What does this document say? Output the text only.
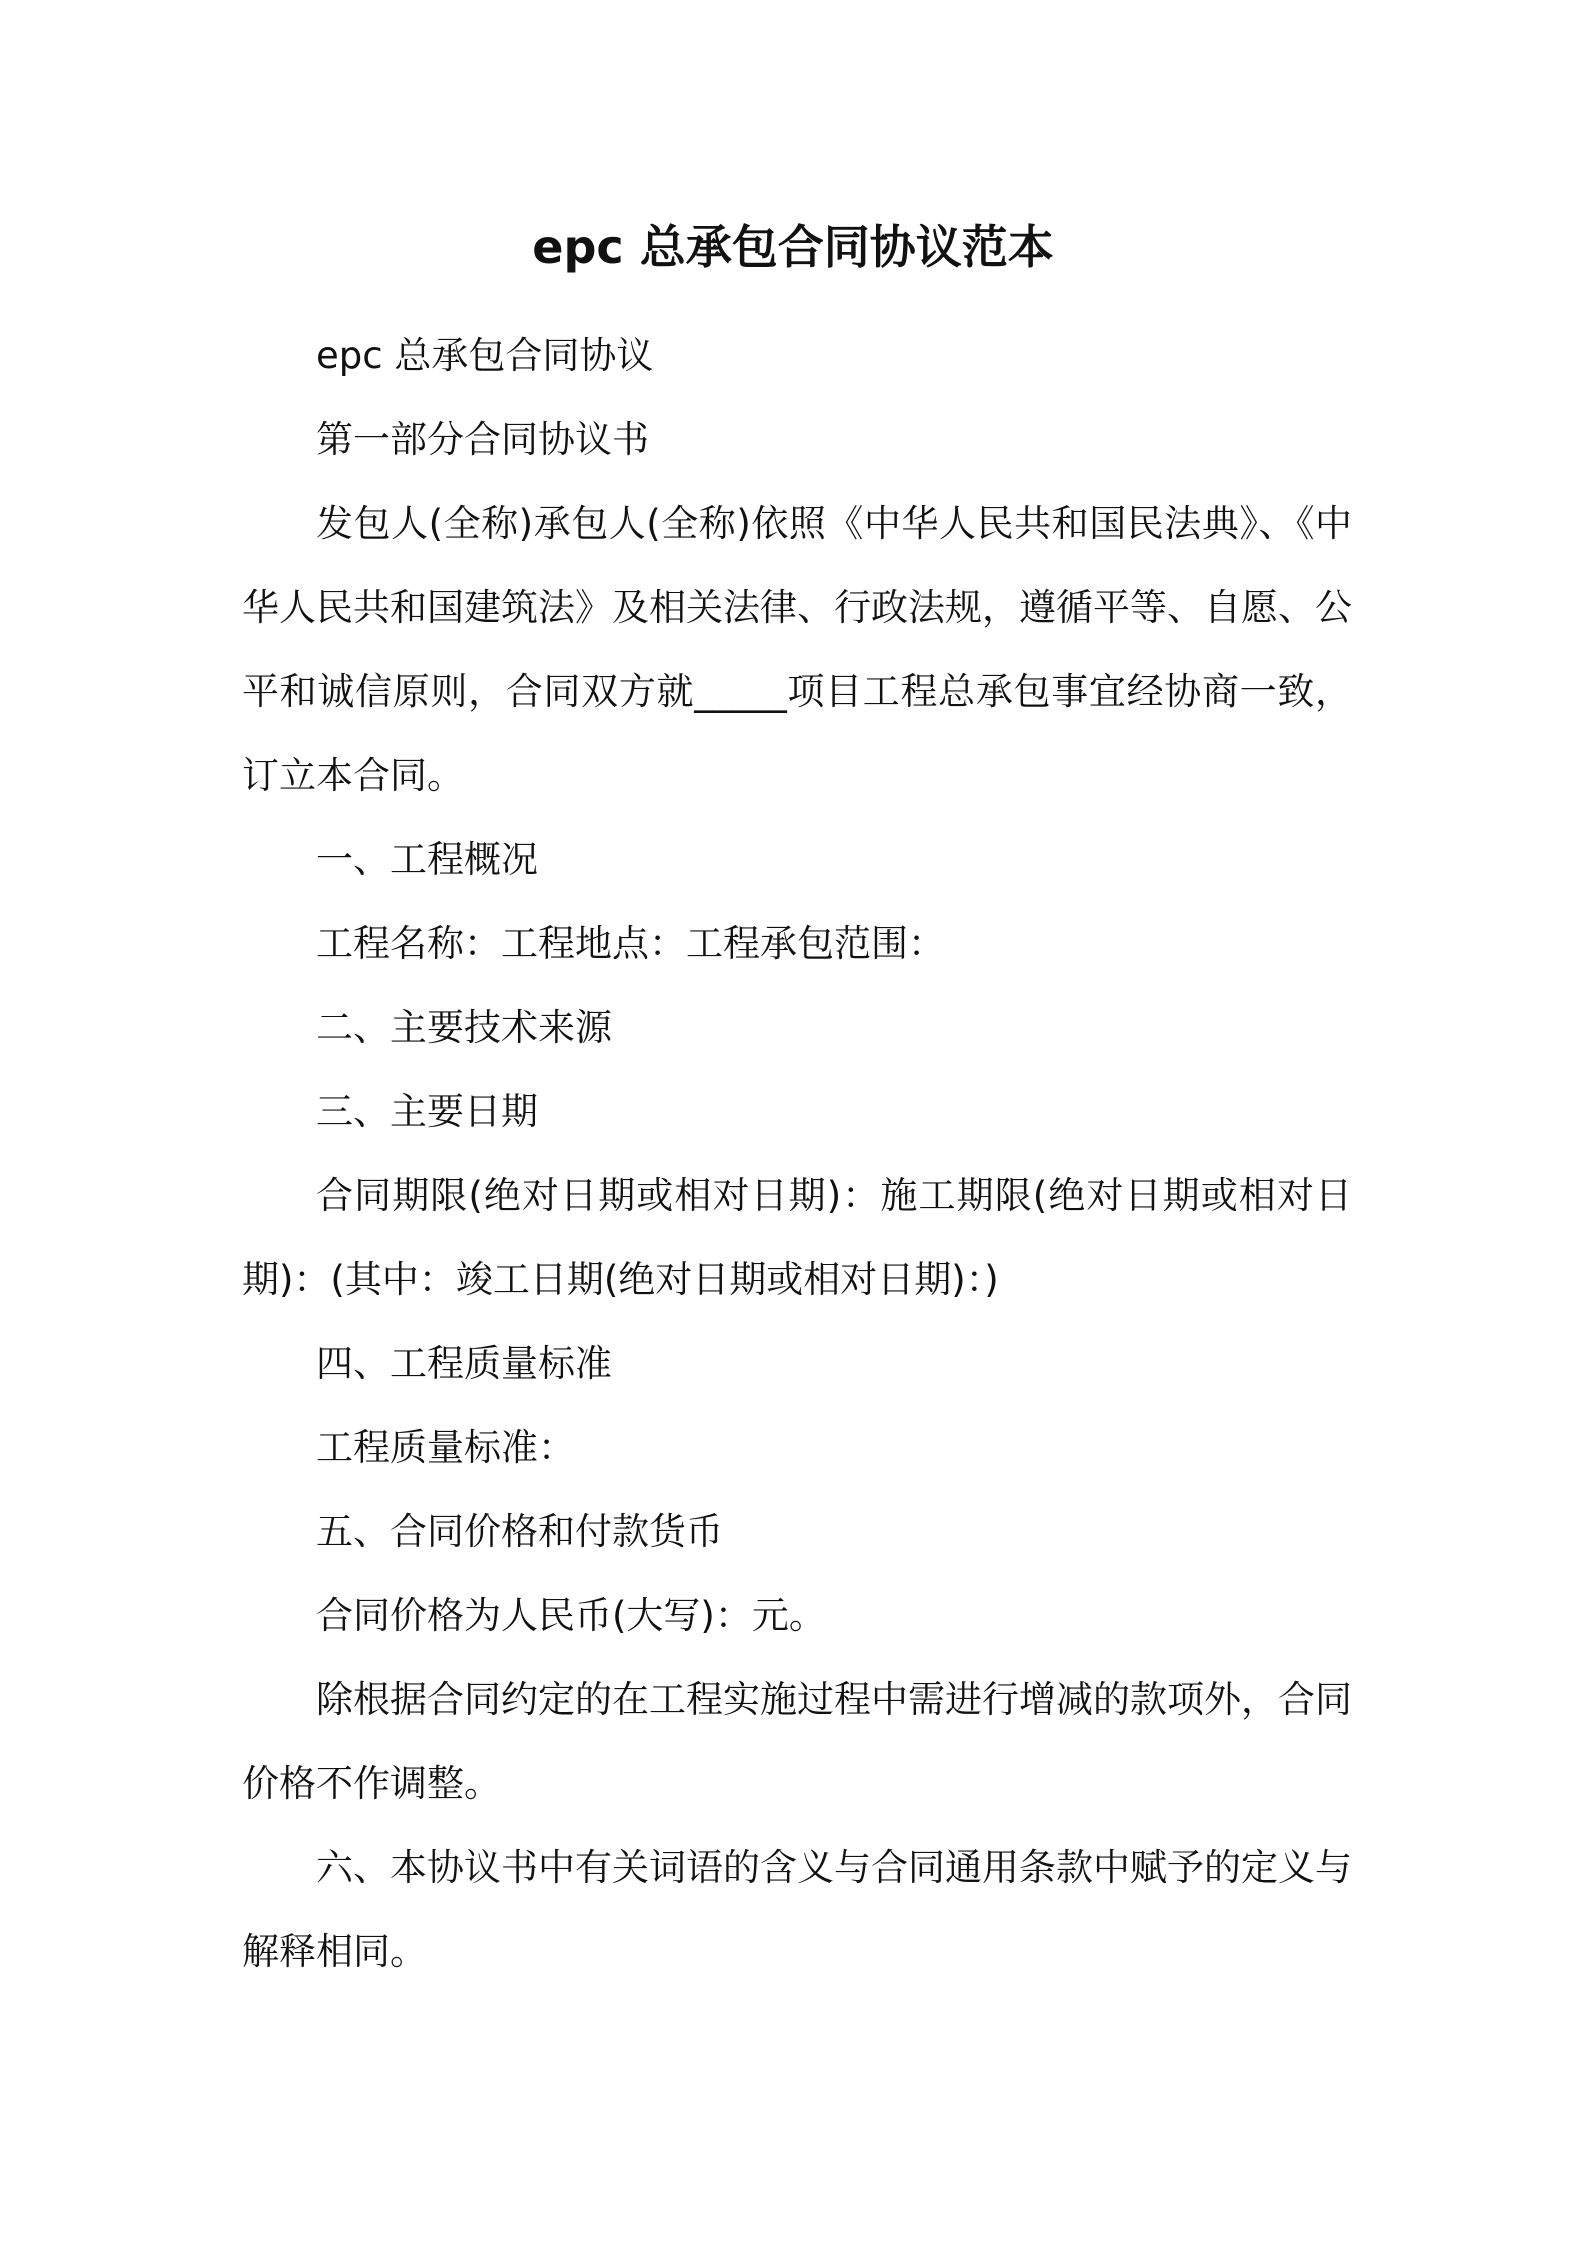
epc 总承包合同协议范本

epc 总承包合同协议

第一部分合同协议书

发包人(全称)承包人(全称)依照《中华人民共和国民法典》、《中华人民共和国建筑法》及相关法律、行政法规，遵循平等、自愿、公平和诚信原则，合同双方就_____项目工程总承包事宜经协商一致，订立本合同。

一、工程概况

工程名称：工程地点：工程承包范围：

二、主要技术来源

三、主要日期

合同期限(绝对日期或相对日期)：施工期限(绝对日期或相对日期)：(其中：竣工日期(绝对日期或相对日期)：)

四、工程质量标准

工程质量标准：

五、合同价格和付款货币

合同价格为人民币(大写)：元。

除根据合同约定的在工程实施过程中需进行增减的款项外，合同价格不作调整。

六、本协议书中有关词语的含义与合同通用条款中赋予的定义与解释相同。
